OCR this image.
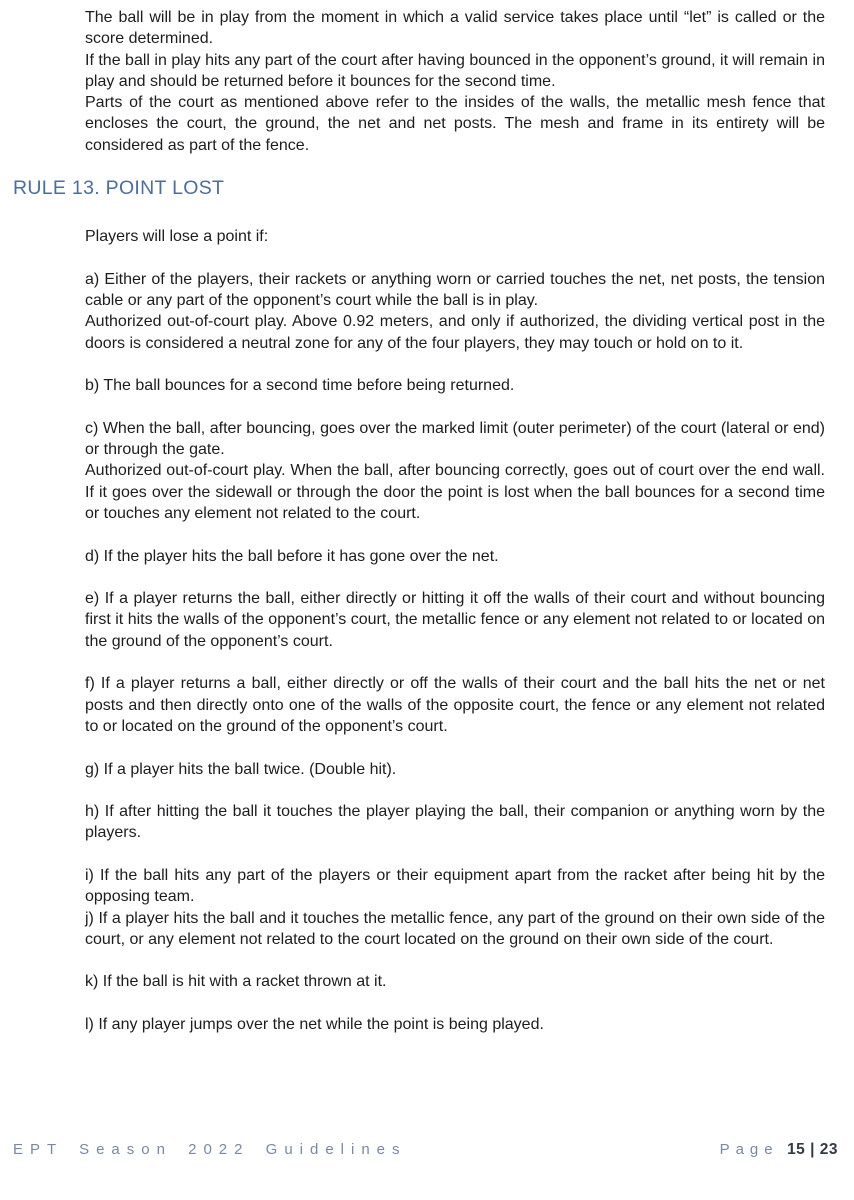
The ball will be in play from the moment in which a valid service takes place until “let” is called or the score determined.

If the ball in play hits any part of the court after having bounced in the opponent’s ground, it will remain in play and should be returned before it bounces for the second time.

Parts of the court as mentioned above refer to the insides of the walls, the metallic mesh fence that encloses the court, the ground, the net and net posts. The mesh and frame in its entirety will be considered as part of the fence.

RULE 13. POINT LOST

Players will lose a point if:

a) Either of the players, their rackets or anything worn or carried touches the net, net posts, the tension cable or any part of the opponent’s court while the ball is in play.

Authorized out-of-court play. Above 0.92 meters, and only if authorized, the dividing vertical post in the doors is considered a neutral zone for any of the four players, they may touch or hold on to it.

b) The ball bounces for a second time before being returned.

c) When the ball, after bouncing, goes over the marked limit (outer perimeter) of the court (lateral or end) or through the gate.

Authorized out-of-court play. When the ball, after bouncing correctly, goes out of court over the end wall. If it goes over the sidewall or through the door the point is lost when the ball bounces for a second time or touches any element not related to the court.

d) If the player hits the ball before it has gone over the net.

e) If a player returns the ball, either directly or hitting it off the walls of their court and without bouncing first it hits the walls of the opponent’s court, the metallic fence or any element not related to or located on the ground of the opponent’s court.

f) If a player returns a ball, either directly or off the walls of their court and the ball hits the net or net posts and then directly onto one of the walls of the opposite court, the fence or any element not related to or located on the ground of the opponent’s court.

g) If a player hits the ball twice. (Double hit).

h) If after hitting the ball it touches the player playing the ball, their companion or anything worn by the players.

i) If the ball hits any part of the players or their equipment apart from the racket after being hit by the opposing team.

j) If a player hits the ball and it touches the metallic fence, any part of the ground on their own side of the court, or any element not related to the court located on the ground on their own side of the court.

k) If the ball is hit with a racket thrown at it.

l) If any player jumps over the net while the point is being played.

EPT Season 2022 Guidelines	Page 15 | 23
